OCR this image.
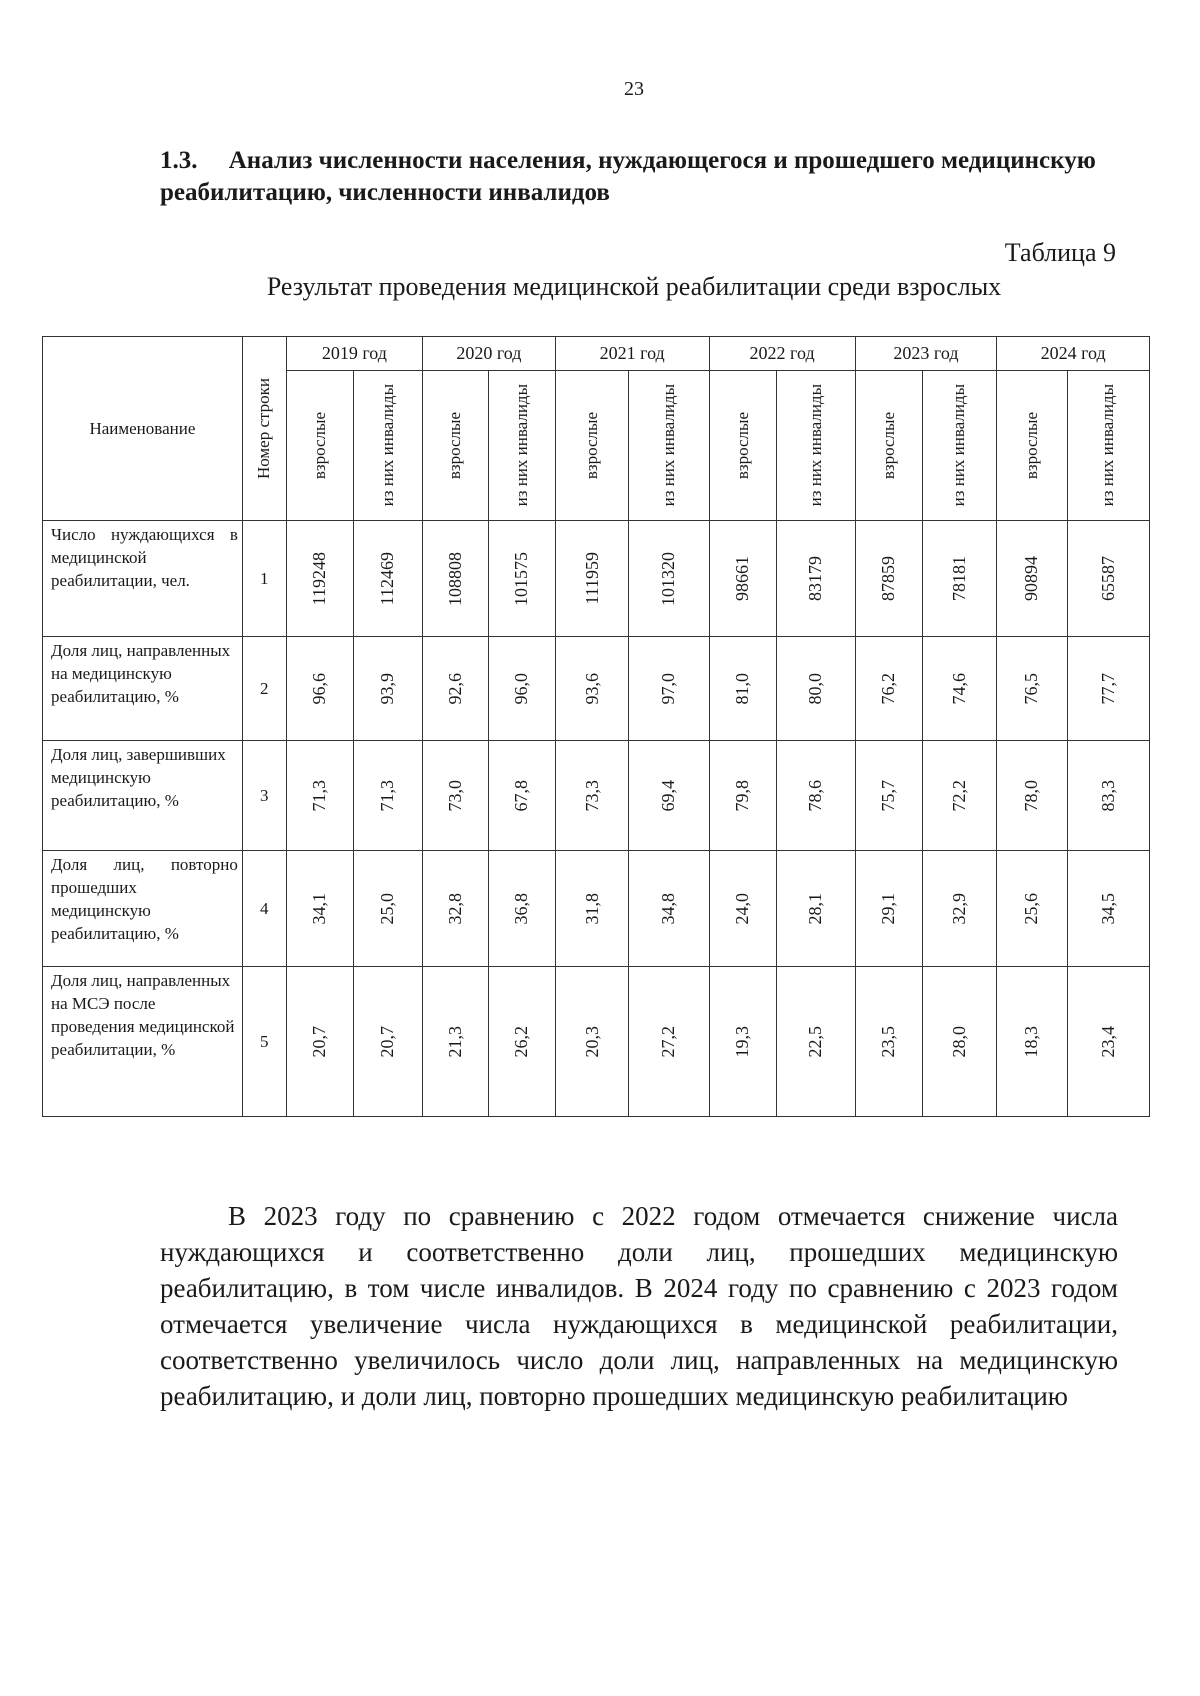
23
1.3. Анализ численности населения, нуждающегося и прошедшего медицинскую реабилитацию, численности инвалидов
Таблица 9
Результат проведения медицинской реабилитации среди взрослых
Наименование	Номер строки	2019 год		2020 год		2021 год		2022 год		2023 год		2024 год	

		взрослые	из них инвалиды	взрослые	из них инвалиды	взрослые	из них инвалиды	взрослые	из них инвалиды	взрослые	из них инвалиды	взрослые	из них инвалиды

Число нуждающихся в медицинской реабилитации, чел.	1	119248	112469	108808	101575	111959	101320	98661	83179	87859	78181	90894	65587

Доля лиц, направленных на медицинскую реабилитацию, %	2	96,6	93,9	92,6	96,0	93,6	97,0	81,0	80,0	76,2	74,6	76,5	77,7

Доля лиц, завершивших медицинскую реабилитацию, %	3	71,3	71,3	73,0	67,8	73,3	69,4	79,8	78,6	75,7	72,2	78,0	83,3

Доля лиц, повторно прошедших медицинскую реабилитацию, %	4	34,1	25,0	32,8	36,8	31,8	34,8	24,0	28,1	29,1	32,9	25,6	34,5

Доля лиц, направленных на МСЭ после проведения медицинской реабилитации, %	5	20,7	20,7	21,3	26,2	20,3	27,2	19,3	22,5	23,5	28,0	18,3	23,4
В 2023 году по сравнению с 2022 годом отмечается снижение числа нуждающихся и соответственно доли лиц, прошедших медицинскую реабилитацию, в том числе инвалидов. В 2024 году по сравнению с 2023 годом отмечается увеличение числа нуждающихся в медицинской реабилитации, соответственно увеличилось число доли лиц, направленных на медицинскую реабилитацию, и доли лиц, повторно прошедших медицинскую реабилитацию
